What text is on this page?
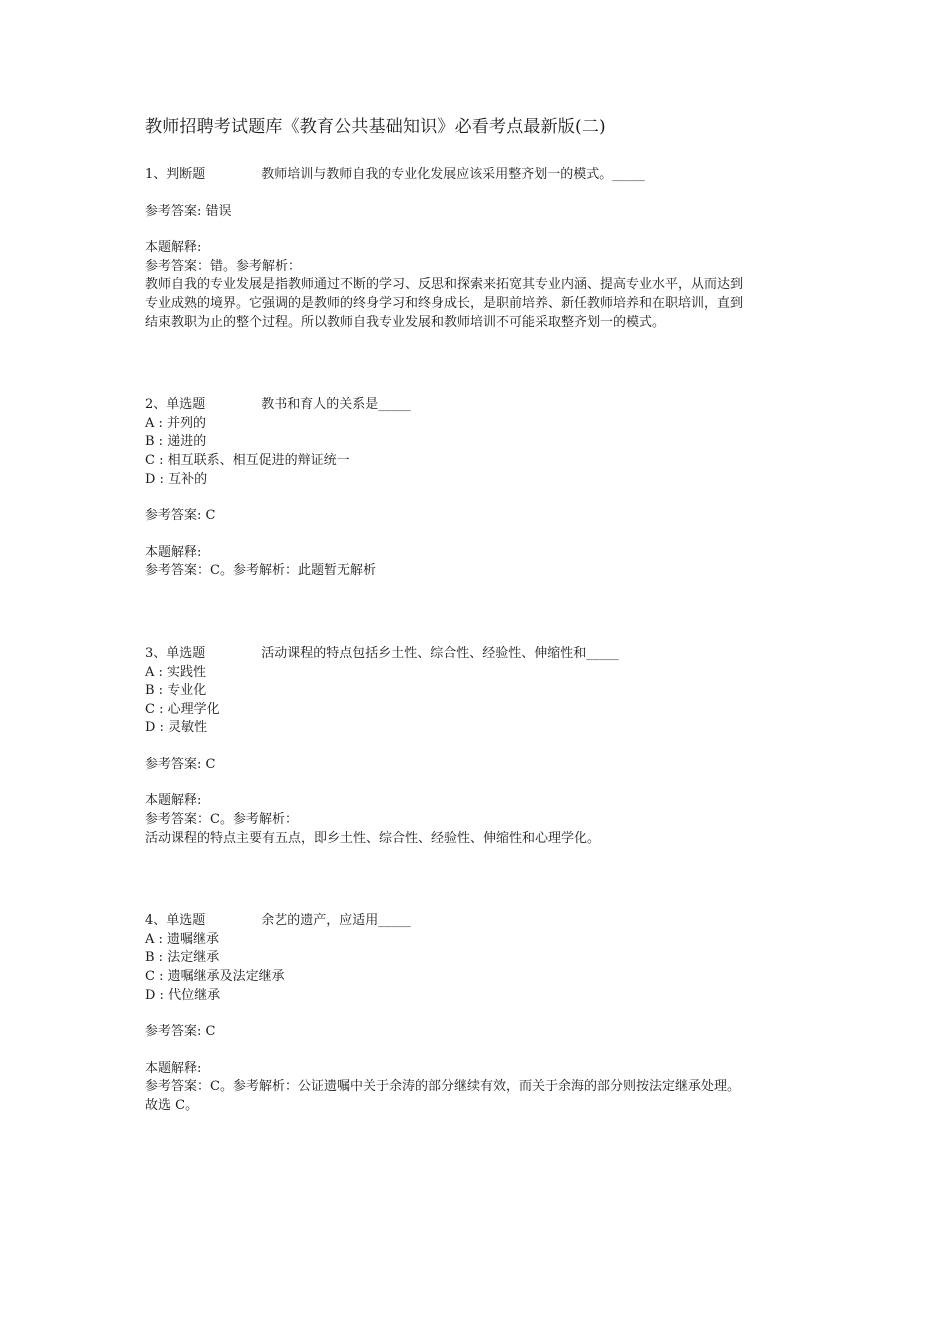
教师招聘考试题库《教育公共基础知识》必看考点最新版(二)
1、判断题	教师培训与教师自我的专业化发展应该采用整齐划一的模式。_____
参考答案: 错误
本题解释:
参考答案：错。参考解析：
教师自我的专业发展是指教师通过不断的学习、反思和探索来拓宽其专业内涵、提高专业水平，从而达到
专业成熟的境界。它强调的是教师的终身学习和终身成长，是职前培养、新任教师培养和在职培训，直到
结束教职为止的整个过程。所以教师自我专业发展和教师培训不可能采取整齐划一的模式。
2、单选题	教书和育人的关系是_____
A : 并列的
B : 递进的
C : 相互联系、相互促进的辩证统一
D : 互补的
参考答案: C
本题解释:
参考答案：C。参考解析：此题暂无解析
3、单选题	活动课程的特点包括乡土性、综合性、经验性、伸缩性和_____
A : 实践性
B : 专业化
C : 心理学化
D : 灵敏性
参考答案: C
本题解释:
参考答案：C。参考解析：
活动课程的特点主要有五点，即乡土性、综合性、经验性、伸缩性和心理学化。
4、单选题	余艺的遗产，应适用_____
A : 遗嘱继承
B : 法定继承
C : 遗嘱继承及法定继承
D : 代位继承
参考答案: C
本题解释:
参考答案：C。参考解析：公证遗嘱中关于余涛的部分继续有效，而关于余海的部分则按法定继承处理。
故选 C。
